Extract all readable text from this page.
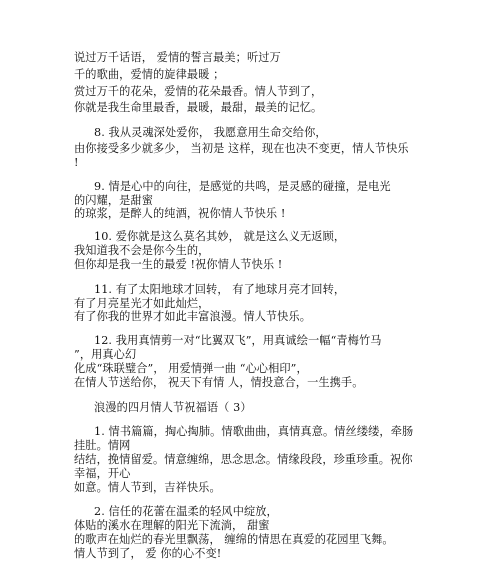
说过万千话语， 爱情的誓言最美；听过万
千的歌曲，爱情的旋律最暖 ；
赏过万千的花朵，爱情的花朵最香。情人节到了，
你就是我生命里最香，最暖，最甜，最美的记忆。
8. 我从灵魂深处爱你， 我愿意用生命交给你，
由你接受多少就多少， 当初是 这样，现在也决不变更，情人节快乐
!
9. 情是心中的向往，是感觉的共鸣，是灵感的碰撞，是电光
的闪耀，是甜蜜
的琼浆，是醉人的纯酒，祝你情人节快乐 !
10. 爱你就是这么莫名其妙， 就是这么义无返顾，
我知道我不会是你今生的，
但你却是我一生的最爱 !祝你情人节快乐 !
11. 有了太阳地球才回转， 有了地球月亮才回转，
有了月亮星光才如此灿烂，
有了你我的世界才如此丰富浪漫。情人节快乐。
12. 我用真情剪一对“比翼双飞”，用真诚绘一幅“青梅竹马
”，用真心幻
化成“珠联璧合”， 用爱情弹一曲 “心心相印”，
在情人节送给你， 祝天下有情 人，情投意合，一生携手。
浪漫的四月情人节祝福语（ 3）
1. 情书篇篇，掏心掏肺。情歌曲曲，真情真意。情丝缕缕，牵肠
挂肚。情网
结结，挽情留爱。情意缠绵，思念思念。情缘段段，珍重珍重。祝你
幸福，开心
如意。情人节到，吉祥快乐。
2. 信任的花蕾在温柔的轻风中绽放，
体贴的溪水在理解的阳光下流淌， 甜蜜
的歌声在灿烂的春光里飘荡， 缠绵的情思在真爱的花园里飞舞。
情人节到了， 爱 你的心不变!
